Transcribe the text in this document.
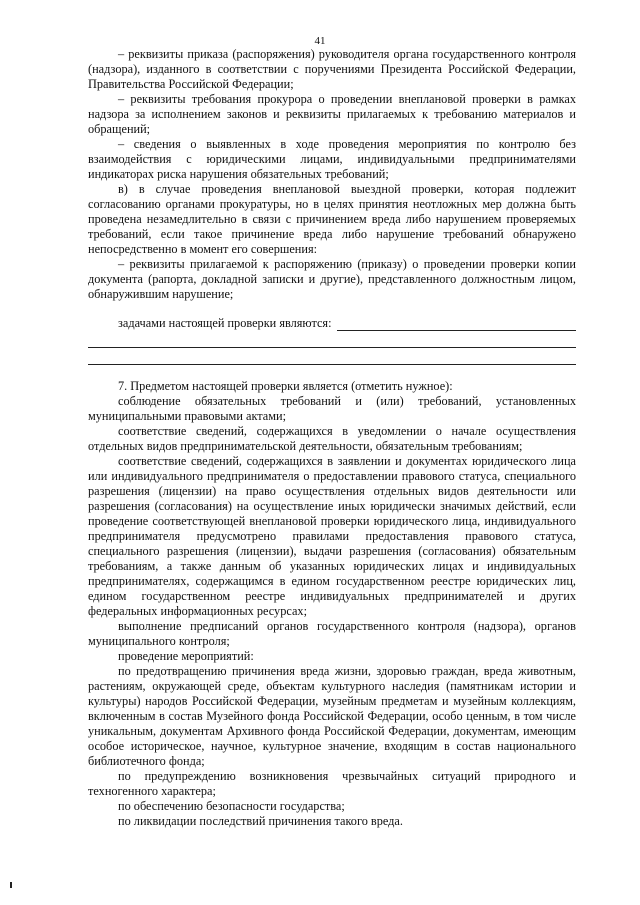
41

– реквизиты приказа (распоряжения) руководителя органа государственного контроля (надзора), изданного в соответствии с поручениями Президента Российской Федерации, Правительства Российской Федерации;

– реквизиты требования прокурора о проведении внеплановой проверки в рамках надзора за исполнением законов и реквизиты прилагаемых к требованию материалов и обращений;

– сведения о выявленных в ходе проведения мероприятия по контролю без взаимодействия с юридическими лицами, индивидуальными предпринимателями индикаторах риска нарушения обязательных требований;

в) в случае проведения внеплановой выездной проверки, которая подлежит согласованию органами прокуратуры, но в целях принятия неотложных мер должна быть проведена незамедлительно в связи с причинением вреда либо нарушением проверяемых требований, если такое причинение вреда либо нарушение требований обнаружено непосредственно в момент его совершения:

– реквизиты прилагаемой к распоряжению (приказу) о проведении проверки копии документа (рапорта, докладной записки и другие), представленного должностным лицом, обнаружившим нарушение;

задачами настоящей проверки являются:

7. Предметом настоящей проверки является (отметить нужное):

соблюдение обязательных требований и (или) требований, установленных муниципальными правовыми актами;

соответствие сведений, содержащихся в уведомлении о начале осуществления отдельных видов предпринимательской деятельности, обязательным требованиям;

соответствие сведений, содержащихся в заявлении и документах юридического лица или индивидуального предпринимателя о предоставлении правового статуса, специального разрешения (лицензии) на право осуществления отдельных видов деятельности или разрешения (согласования) на осуществление иных юридически значимых действий, если проведение соответствующей внеплановой проверки юридического лица, индивидуального предпринимателя предусмотрено правилами предоставления правового статуса, специального разрешения (лицензии), выдачи разрешения (согласования) обязательным требованиям, а также данным об указанных юридических лицах и индивидуальных предпринимателях, содержащимся в едином государственном реестре юридических лиц, едином государственном реестре индивидуальных предпринимателей и других федеральных информационных ресурсах;

выполнение предписаний органов государственного контроля (надзора), органов муниципального контроля;

проведение мероприятий:

по предотвращению причинения вреда жизни, здоровью граждан, вреда животным, растениям, окружающей среде, объектам культурного наследия (памятникам истории и культуры) народов Российской Федерации, музейным предметам и музейным коллекциям, включенным в состав Музейного фонда Российской Федерации, особо ценным, в том числе уникальным, документам Архивного фонда Российской Федерации, документам, имеющим особое историческое, научное, культурное значение, входящим в состав национального библиотечного фонда;

по предупреждению возникновения чрезвычайных ситуаций природного и техногенного характера;

по обеспечению безопасности государства;

по ликвидации последствий причинения такого вреда.
